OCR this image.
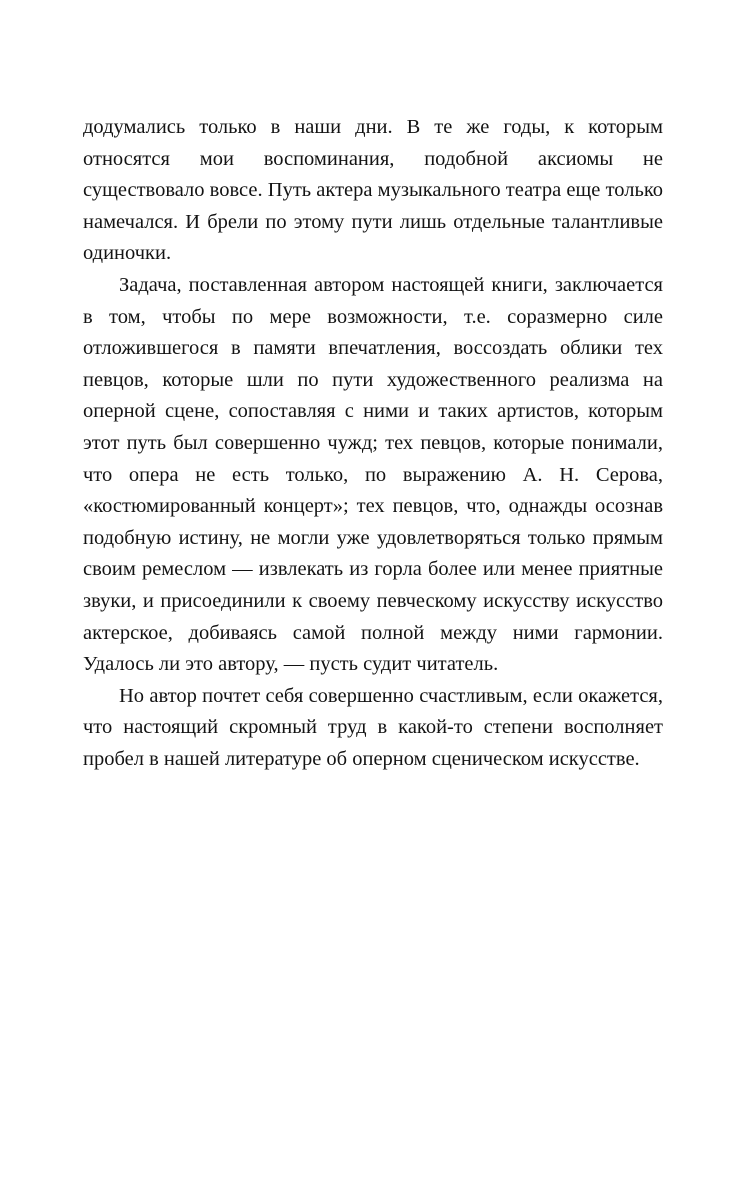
додумались только в наши дни. В те же годы, к которым относятся мои воспоминания, подобной аксиомы не существовало вовсе. Путь актера музыкального театра еще только намечался. И брели по этому пути лишь отдельные талантливые одиночки.

Задача, поставленная автором настоящей книги, заключается в том, чтобы по мере возможности, т.е. соразмерно силе отложившегося в памяти впечатления, воссоздать облики тех певцов, которые шли по пути художественного реализма на оперной сцене, сопоставляя с ними и таких артистов, которым этот путь был совершенно чужд; тех певцов, которые понимали, что опера не есть только, по выражению А. Н. Серова, «костюмированный концерт»; тех певцов, что, однажды осознав подобную истину, не могли уже удовлетворяться только прямым своим ремеслом — извлекать из горла более или менее приятные звуки, и присоединили к своему певческому искусству искусство актерское, добиваясь самой полной между ними гармонии. Удалось ли это автору, — пусть судит читатель.

Но автор почтет себя совершенно счастливым, если окажется, что настоящий скромный труд в какой-то степени восполняет пробел в нашей литературе об оперном сценическом искусстве.
